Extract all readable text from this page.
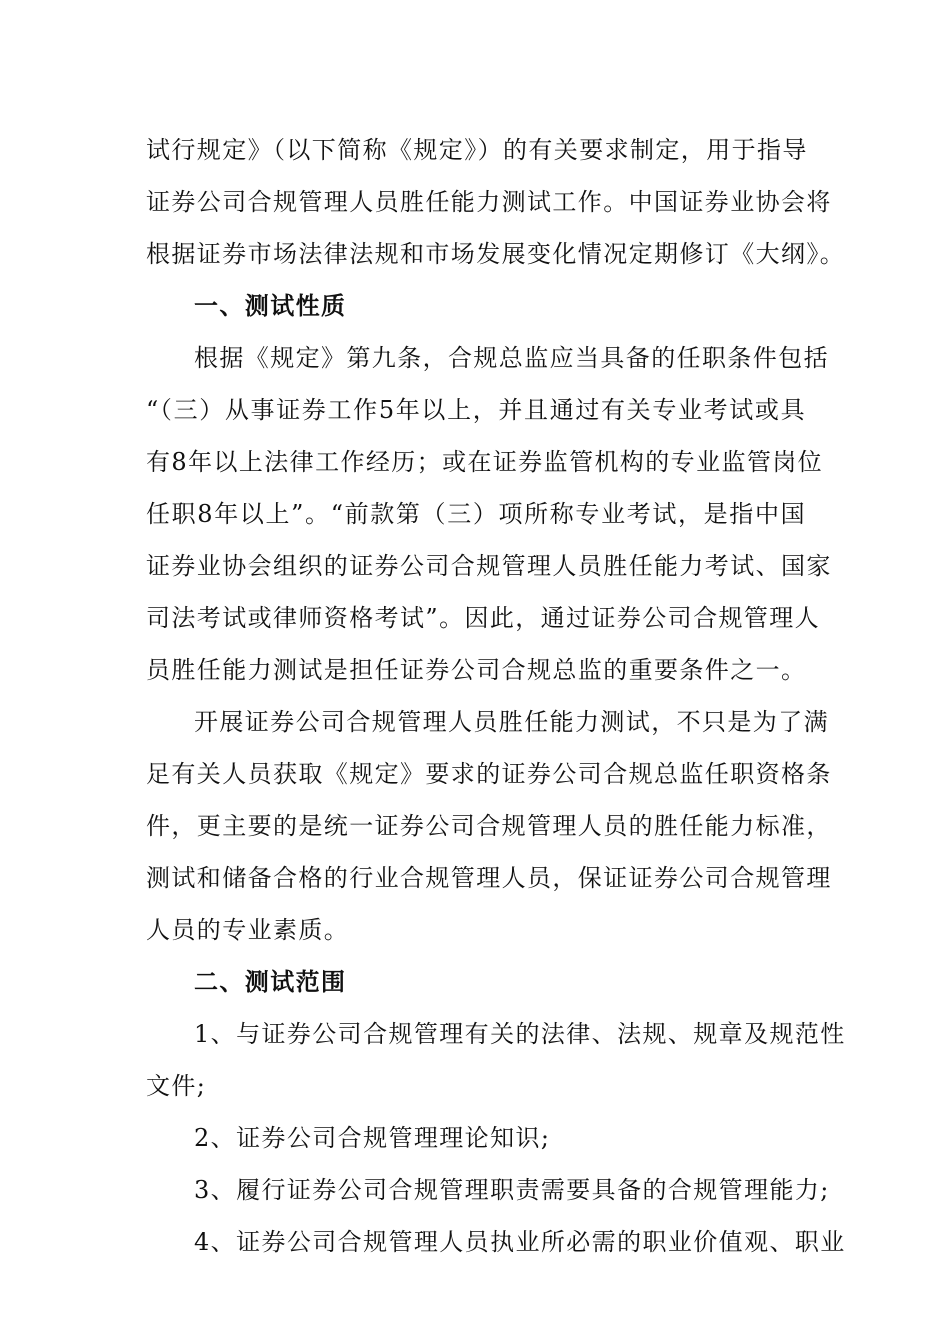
试行规定》（以下简称《规定》）的有关要求制定，用于指导
证券公司合规管理人员胜任能力测试工作。中国证券业协会将
根据证券市场法律法规和市场发展变化情况定期修订《大纲》。
一、测试性质
根据《规定》第九条，合规总监应当具备的任职条件包括
“（三）从事证券工作5年以上，并且通过有关专业考试或具
有8年以上法律工作经历；或在证券监管机构的专业监管岗位
任职8年以上”。“前款第（三）项所称专业考试，是指中国
证券业协会组织的证券公司合规管理人员胜任能力考试、国家
司法考试或律师资格考试”。因此，通过证券公司合规管理人
员胜任能力测试是担任证券公司合规总监的重要条件之一。
开展证券公司合规管理人员胜任能力测试，不只是为了满
足有关人员获取《规定》要求的证券公司合规总监任职资格条
件，更主要的是统一证券公司合规管理人员的胜任能力标准，
测试和储备合格的行业合规管理人员，保证证券公司合规管理
人员的专业素质。
二、测试范围
1、与证券公司合规管理有关的法律、法规、规章及规范性
文件;
2、证券公司合规管理理论知识;
3、履行证券公司合规管理职责需要具备的合规管理能力;
4、证券公司合规管理人员执业所必需的职业价值观、职业
